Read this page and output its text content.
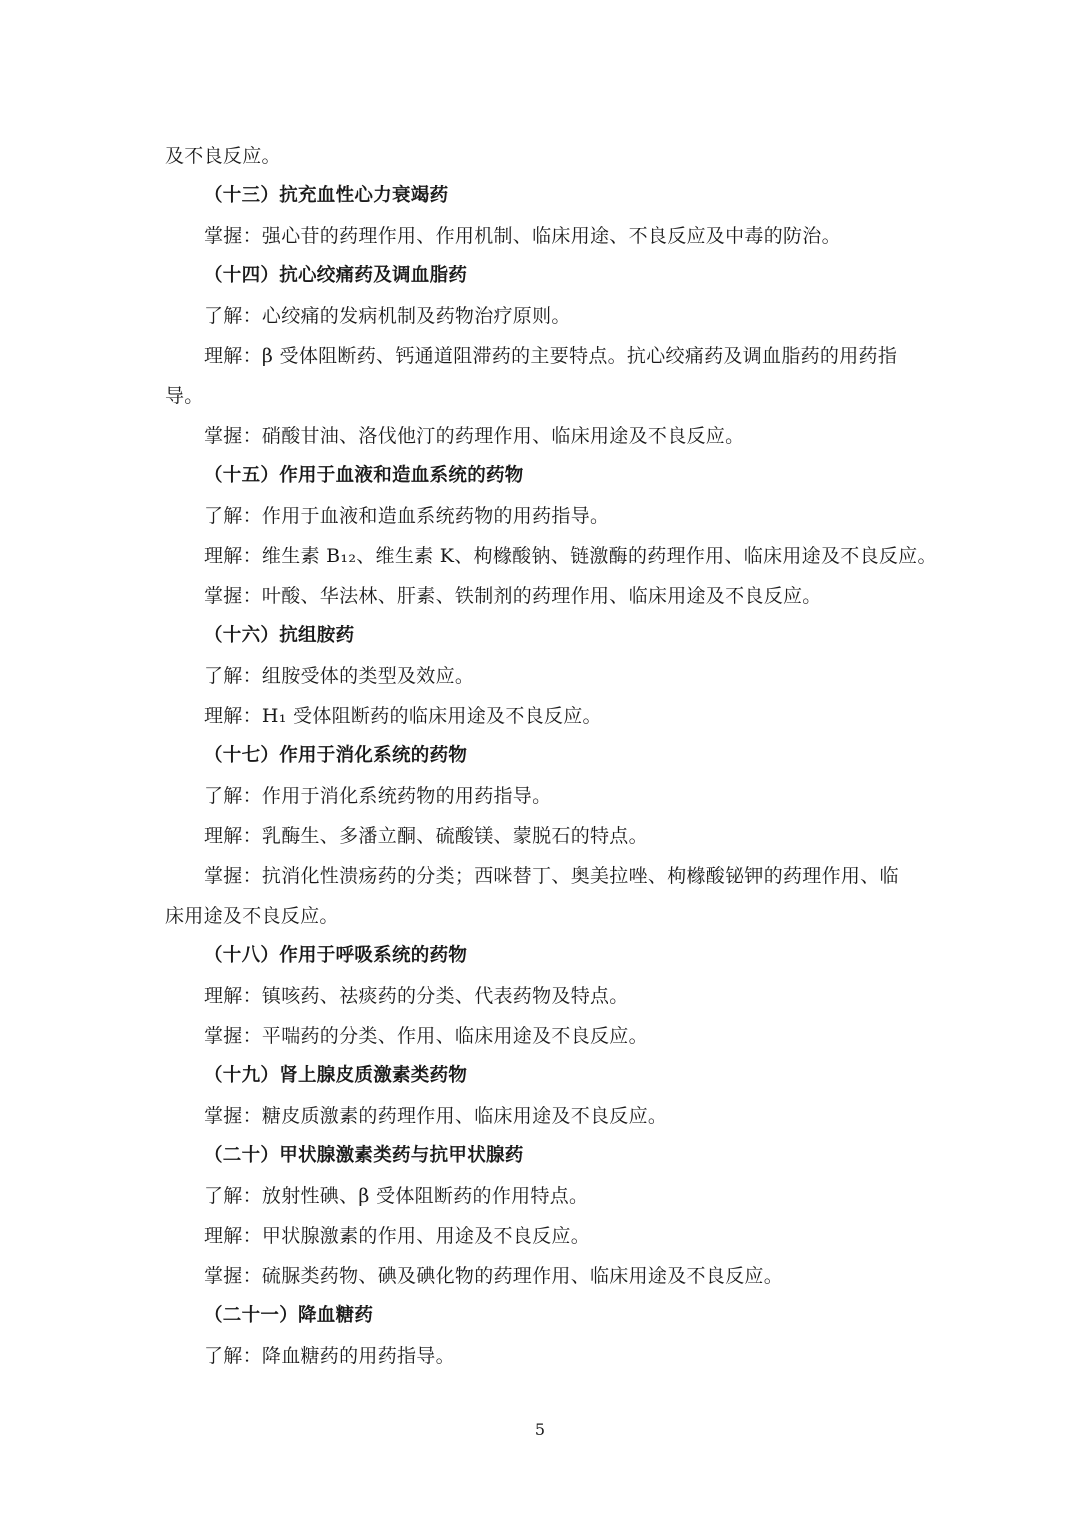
及不良反应。
（十三）抗充血性心力衰竭药
掌握：强心苷的药理作用、作用机制、临床用途、不良反应及中毒的防治。
（十四）抗心绞痛药及调血脂药
了解：心绞痛的发病机制及药物治疗原则。
理解：β 受体阻断药、钙通道阻滞药的主要特点。抗心绞痛药及调血脂药的用药指
导。
掌握：硝酸甘油、洛伐他汀的药理作用、临床用途及不良反应。
（十五）作用于血液和造血系统的药物
了解：作用于血液和造血系统药物的用药指导。
理解：维生素 B₁₂、维生素 K、枸橼酸钠、链激酶的药理作用、临床用途及不良反应。
掌握：叶酸、华法林、肝素、铁制剂的药理作用、临床用途及不良反应。
（十六）抗组胺药
了解：组胺受体的类型及效应。
理解：H₁ 受体阻断药的临床用途及不良反应。
（十七）作用于消化系统的药物
了解：作用于消化系统药物的用药指导。
理解：乳酶生、多潘立酮、硫酸镁、蒙脱石的特点。
掌握：抗消化性溃疡药的分类；西咪替丁、奥美拉唑、枸橼酸铋钾的药理作用、临
床用途及不良反应。
（十八）作用于呼吸系统的药物
理解：镇咳药、祛痰药的分类、代表药物及特点。
掌握：平喘药的分类、作用、临床用途及不良反应。
（十九）肾上腺皮质激素类药物
掌握：糖皮质激素的药理作用、临床用途及不良反应。
（二十）甲状腺激素类药与抗甲状腺药
了解：放射性碘、β 受体阻断药的作用特点。
理解：甲状腺激素的作用、用途及不良反应。
掌握：硫脲类药物、碘及碘化物的药理作用、临床用途及不良反应。
（二十一）降血糖药
了解：降血糖药的用药指导。
5
